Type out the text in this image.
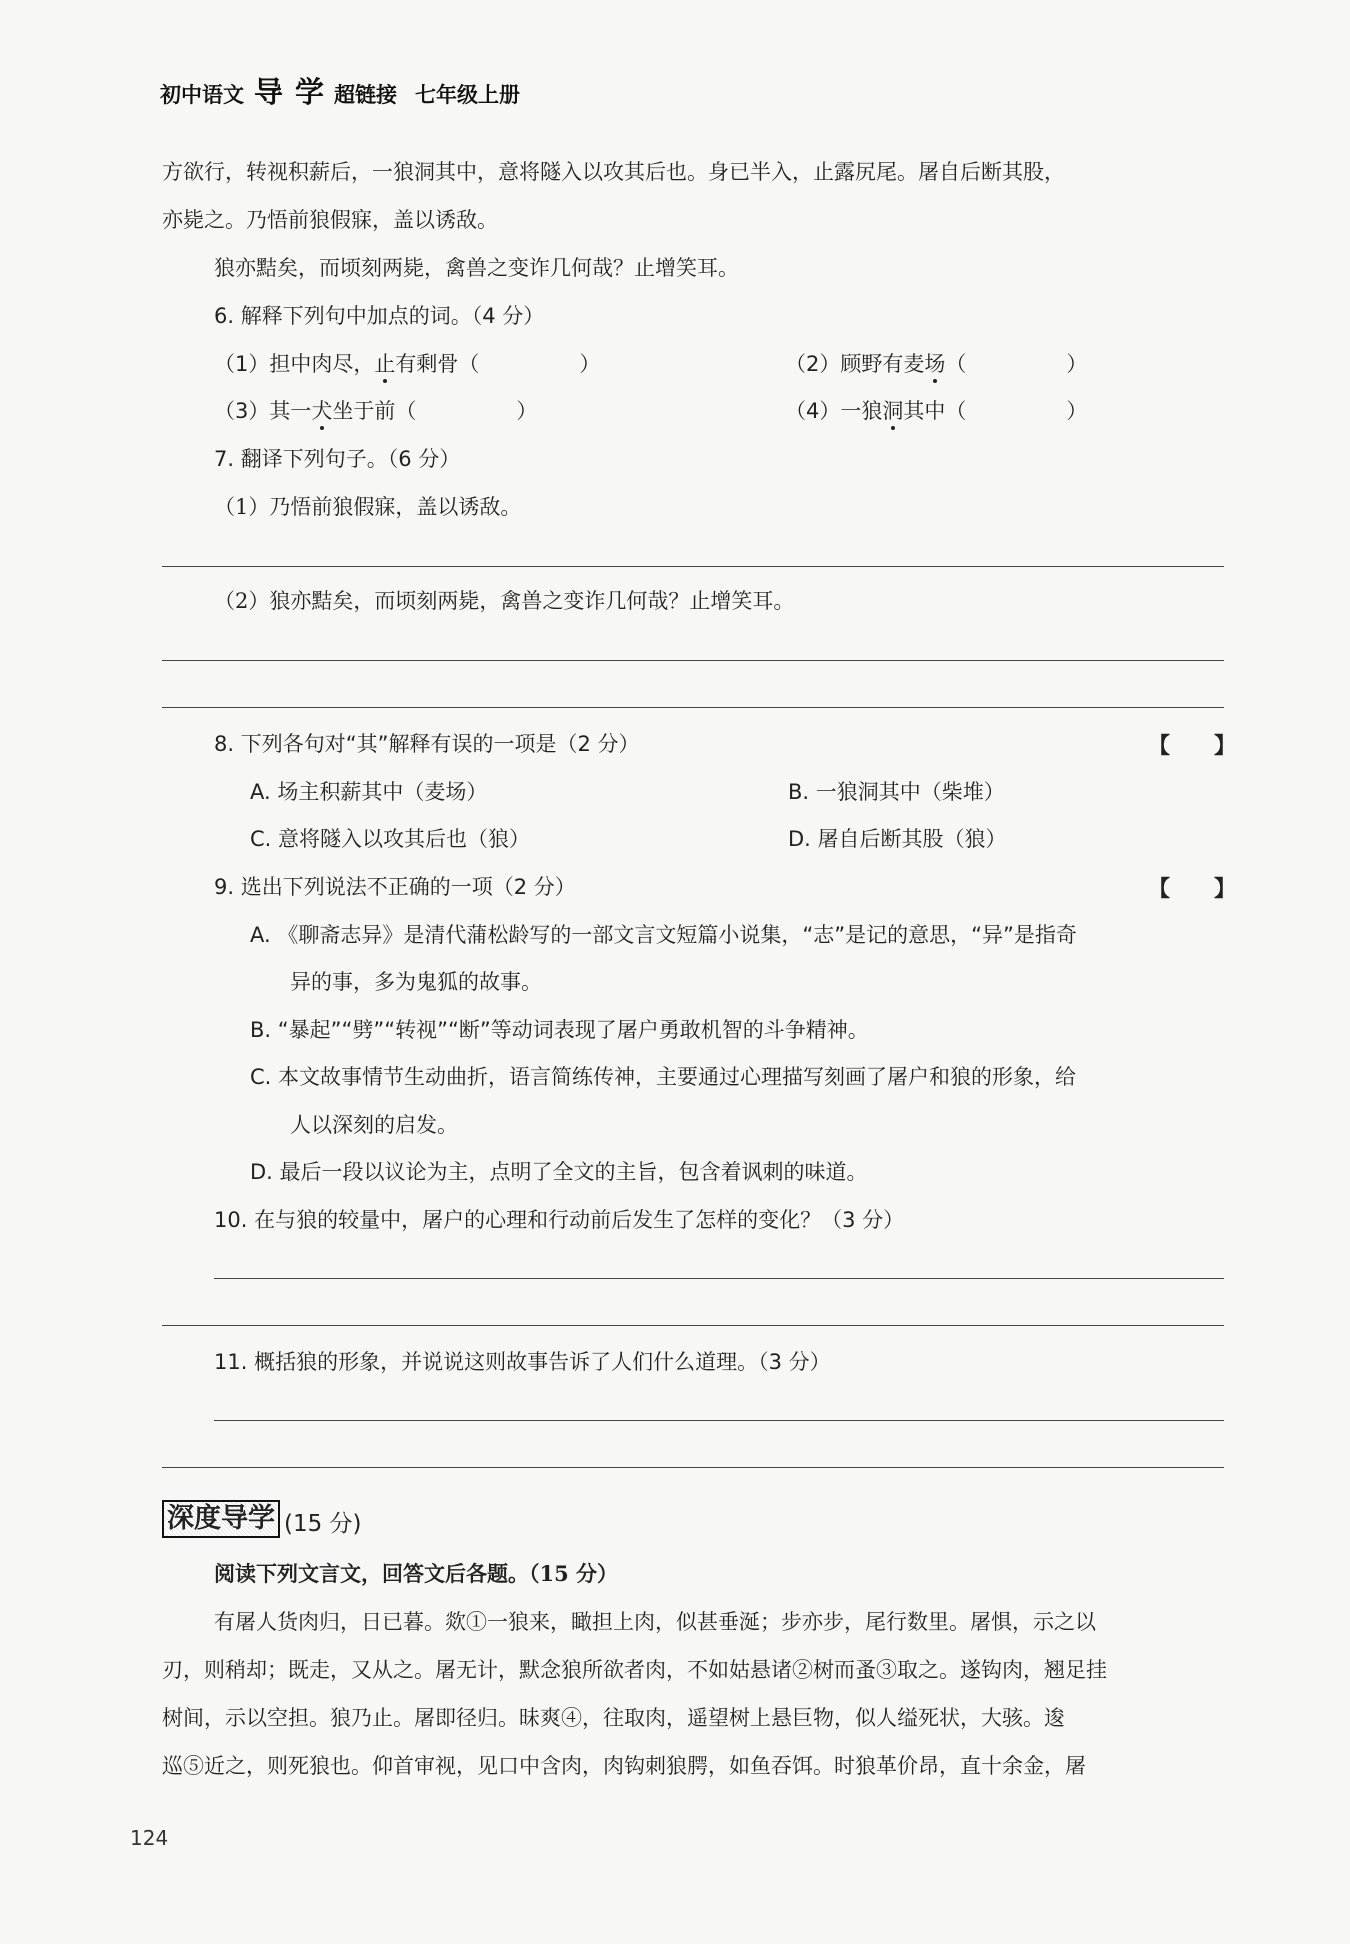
初中语文 导 学 超链接 七年级上册
方欲行，转视积薪后，一狼洞其中，意将隧入以攻其后也。身已半入，止露尻尾。屠自后断其股，
亦毙之。乃悟前狼假寐，盖以诱敌。
狼亦黠矣，而顷刻两毙，禽兽之变诈几何哉？止增笑耳。
6. 解释下列句中加点的词。（4 分）
（1）担中肉尽，止有剩骨（	）	（2）顾野有麦场（	）
（3）其一犬坐于前（	）	（4）一狼洞其中（	）
7. 翻译下列句子。（6 分）
（1）乃悟前狼假寐，盖以诱敌。
（2）狼亦黠矣，而顷刻两毙，禽兽之变诈几何哉？止增笑耳。
8. 下列各句对“其”解释有误的一项是（2 分）	【　　】
A. 场主积薪其中（麦场）	B. 一狼洞其中（柴堆）
C. 意将隧入以攻其后也（狼）	D. 屠自后断其股（狼）
9. 选出下列说法不正确的一项（2 分）	【　　】
A. 《聊斋志异》是清代蒲松龄写的一部文言文短篇小说集，“志”是记的意思，“异”是指奇
异的事，多为鬼狐的故事。
B. “暴起”“劈”“转视”“断”等动词表现了屠户勇敢机智的斗争精神。
C. 本文故事情节生动曲折，语言简练传神，主要通过心理描写刻画了屠户和狼的形象，给
人以深刻的启发。
D. 最后一段以议论为主，点明了全文的主旨，包含着讽刺的味道。
10. 在与狼的较量中，屠户的心理和行动前后发生了怎样的变化？（3 分）
11. 概括狼的形象，并说说这则故事告诉了人们什么道理。（3 分）
深度导学 (15 分)
阅读下列文言文，回答文后各题。（15 分）
有屠人货肉归，日已暮。欻①一狼来，瞰担上肉，似甚垂涎；步亦步，尾行数里。屠惧，示之以
刃，则稍却；既走，又从之。屠无计，默念狼所欲者肉，不如姑悬诸②树而蚤③取之。遂钩肉，翘足挂
树间，示以空担。狼乃止。屠即径归。昧爽④，往取肉，遥望树上悬巨物，似人缢死状，大骇。逡
巡⑤近之，则死狼也。仰首审视，见口中含肉，肉钩刺狼腭，如鱼吞饵。时狼革价昂，直十余金，屠
124
